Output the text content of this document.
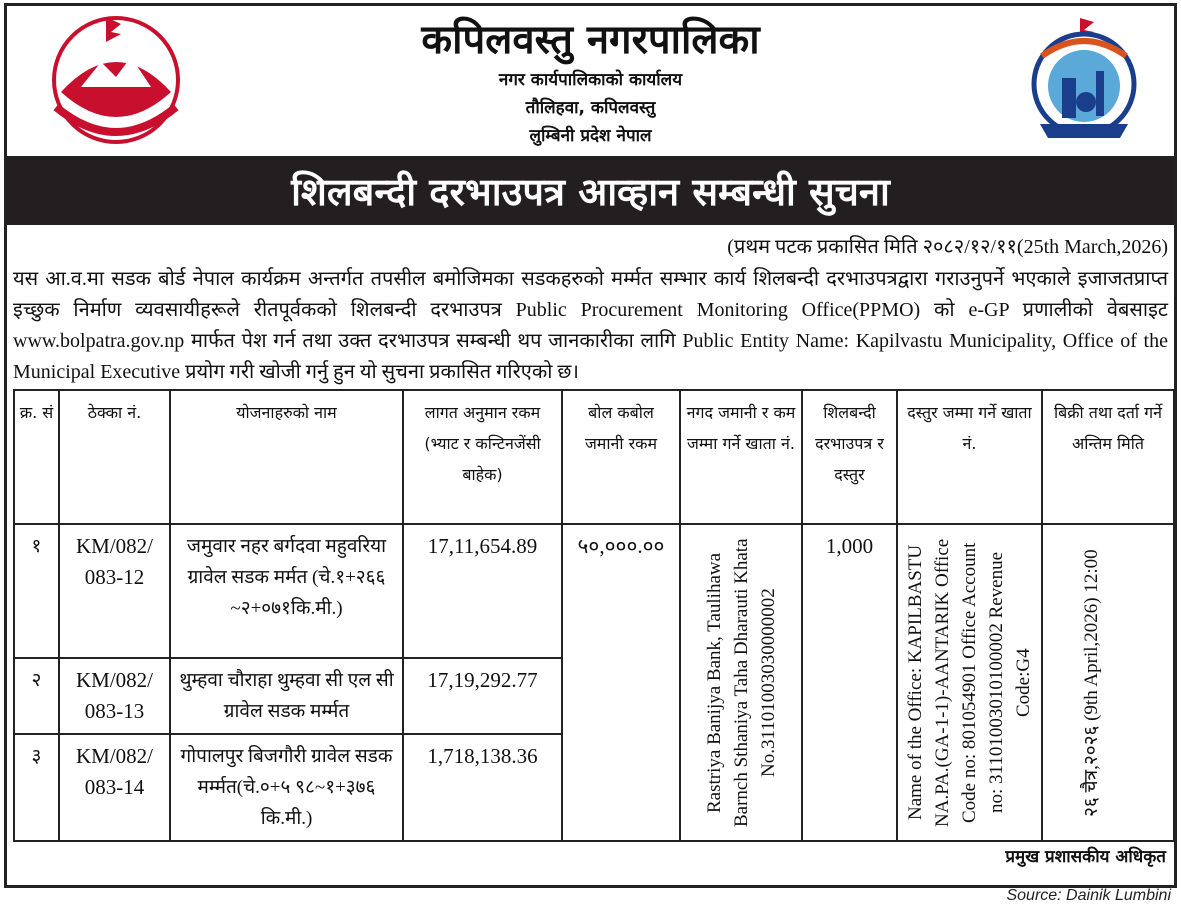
कपिलवस्तु नगरपालिका
नगर कार्यपालिकाको कार्यालय
तौलिहवा, कपिलवस्तु
लुम्बिनी प्रदेश नेपाल
शिलबन्दी दरभाउपत्र आव्हान सम्बन्धी सुचना
(प्रथम पटक प्रकासित मिति २०८२/१२/११(25th March,2026)
यस आ.व.मा सडक बोर्ड नेपाल कार्यक्रम अन्तर्गत तपसील बमोजिमका सडकहरुको मर्म्मत सम्भार कार्य शिलबन्दी दरभाउपत्रद्वारा गराउनुपर्ने भएकाले इजाजतप्राप्त इच्छुक निर्माण व्यवसायीहरूले रीतपूर्वकको शिलबन्दी दरभाउपत्र Public Procurement Monitoring Office(PPMO) को e-GP प्रणालीको वेबसाइट www.bolpatra.gov.np मार्फत पेश गर्न तथा उक्त दरभाउपत्र सम्बन्धी थप जानकारीका लागि Public Entity Name: Kapilvastu Municipality, Office of the Municipal Executive प्रयोग गरी खोजी गर्नु हुन यो सुचना प्रकासित गरिएको छ।
क्र. सं	ठेक्का नं.	योजनाहरुको नाम	लागत अनुमान रकम (भ्याट र कन्टिनजेंसी बाहेक)	बोल कबोल जमानी रकम	नगद जमानी र कम जम्मा गर्ने खाता नं.	शिलबन्दी दरभाउपत्र र दस्तुर	दस्तुर जम्मा गर्ने खाता नं.	बिक्री तथा दर्ता गर्ने अन्तिम मिति
१	KM/082/ 083-12	जमुवार नहर बर्गदवा महुवरिया ग्रावेल सडक मर्मत (चे.१+२६६ ~२+०७१कि.मी.)	17,11,654.89	५०,०००.००	Rastriya Banijya Bank, Taulihawa Barnch Sthaniya Taha Dharauti Khata No.31101003030000002	1,000	Name of the Office: KAPILBASTU NA.PA.(GA-1-1)-AANTARIK Office Code no: 801054901 Office Account no: 31101003010100002 Revenue Code:G4	२६ चैत्र,२०२६ (9th April,2026) 12:00

२	KM/082/ 083-13	थुम्हवा चौराहा थुम्हवा सी एल सी ग्रावेल सडक मर्म्मत	17,19,292.77					
३	KM/082/ 083-14	गोपालपुर बिजगौरी ग्रावेल सडक मर्म्मत(चे.०+५ ९८~१+३७६ कि.मी.)	1,718,138.36					
प्रमुख प्रशासकीय अधिकृत
Source: Dainik Lumbini
